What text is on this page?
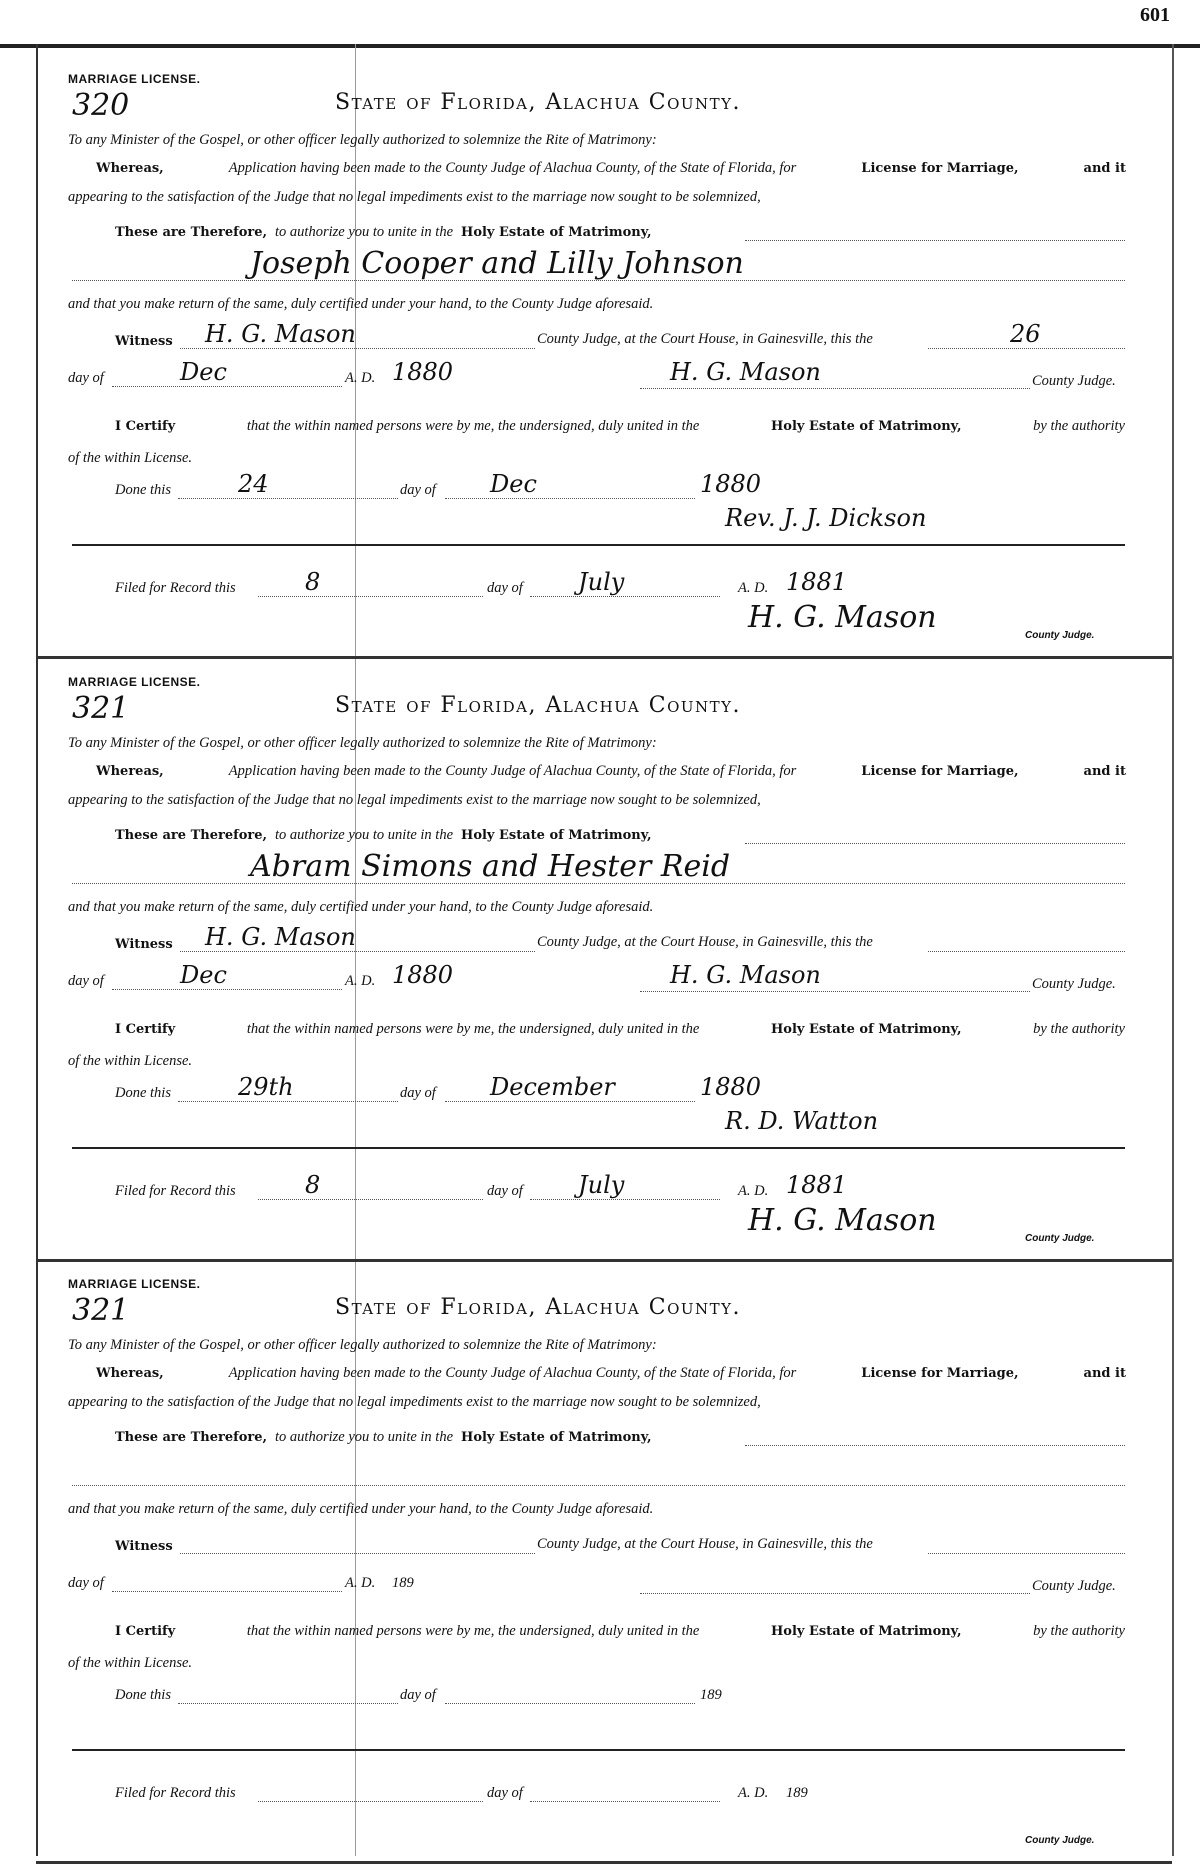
601
MARRIAGE LICENSE.
320	State of Florida, Alachua County.
To any Minister of the Gospel, or other officer legally authorized to solemnize the Rite of Matrimony:
Whereas,	Application having been made to the County Judge of Alachua County, of the State of Florida, for	License for Marriage,	and it
appearing to the satisfaction of the Judge that no legal impediments exist to the marriage now sought to be solemnized,
These are Therefore, to authorize you to unite in the Holy Estate of Matrimony,
Joseph Cooper and Lilly Johnson
and that you make return of the same, duly certified under your hand, to the County Judge aforesaid.
Witness H. G. Mason	County Judge, at the Court House, in Gainesville, this the	26
day of	Dec	A. D. 1880	H. G. Mason	County Judge.
I Certify	that the within named persons were by me, the undersigned, duly united in the	Holy Estate of Matrimony,	by the authority
of the within License.
Done this	24	day of Dec	1880
Rev. J. J. Dickson
Filed for Record this	8	day of July	A. D. 1881
H. G. Mason
County Judge.
MARRIAGE LICENSE.
321	State of Florida, Alachua County.
To any Minister of the Gospel, or other officer legally authorized to solemnize the Rite of Matrimony:
Whereas,	Application having been made to the County Judge of Alachua County, of the State of Florida, for	License for Marriage,	and it
appearing to the satisfaction of the Judge that no legal impediments exist to the marriage now sought to be solemnized,
These are Therefore, to authorize you to unite in the Holy Estate of Matrimony,
Abram Simons and Hester Reid
and that you make return of the same, duly certified under your hand, to the County Judge aforesaid.
Witness H. G. Mason	County Judge, at the Court House, in Gainesville, this the
day of	Dec	A. D. 1880	H. G. Mason	County Judge.
I Certify	that the within named persons were by me, the undersigned, duly united in the	Holy Estate of Matrimony,	by the authority
of the within License.
Done this	29th	day of December	1880
R. D. Watton
Filed for Record this	8	day of July	A. D. 1881
H. G. Mason
County Judge.
MARRIAGE LICENSE.
321	State of Florida, Alachua County.
To any Minister of the Gospel, or other officer legally authorized to solemnize the Rite of Matrimony:
Whereas,	Application having been made to the County Judge of Alachua County, of the State of Florida, for	License for Marriage,	and it
appearing to the satisfaction of the Judge that no legal impediments exist to the marriage now sought to be solemnized,
These are Therefore, to authorize you to unite in the Holy Estate of Matrimony,
and that you make return of the same, duly certified under your hand, to the County Judge aforesaid.
Witness	County Judge, at the Court House, in Gainesville, this the
day of	A. D. 189	County Judge.
I Certify	that the within named persons were by me, the undersigned, duly united in the	Holy Estate of Matrimony,	by the authority
of the within License.
Done this	day of	189
Filed for Record this	day of	A. D. 189
County Judge.
